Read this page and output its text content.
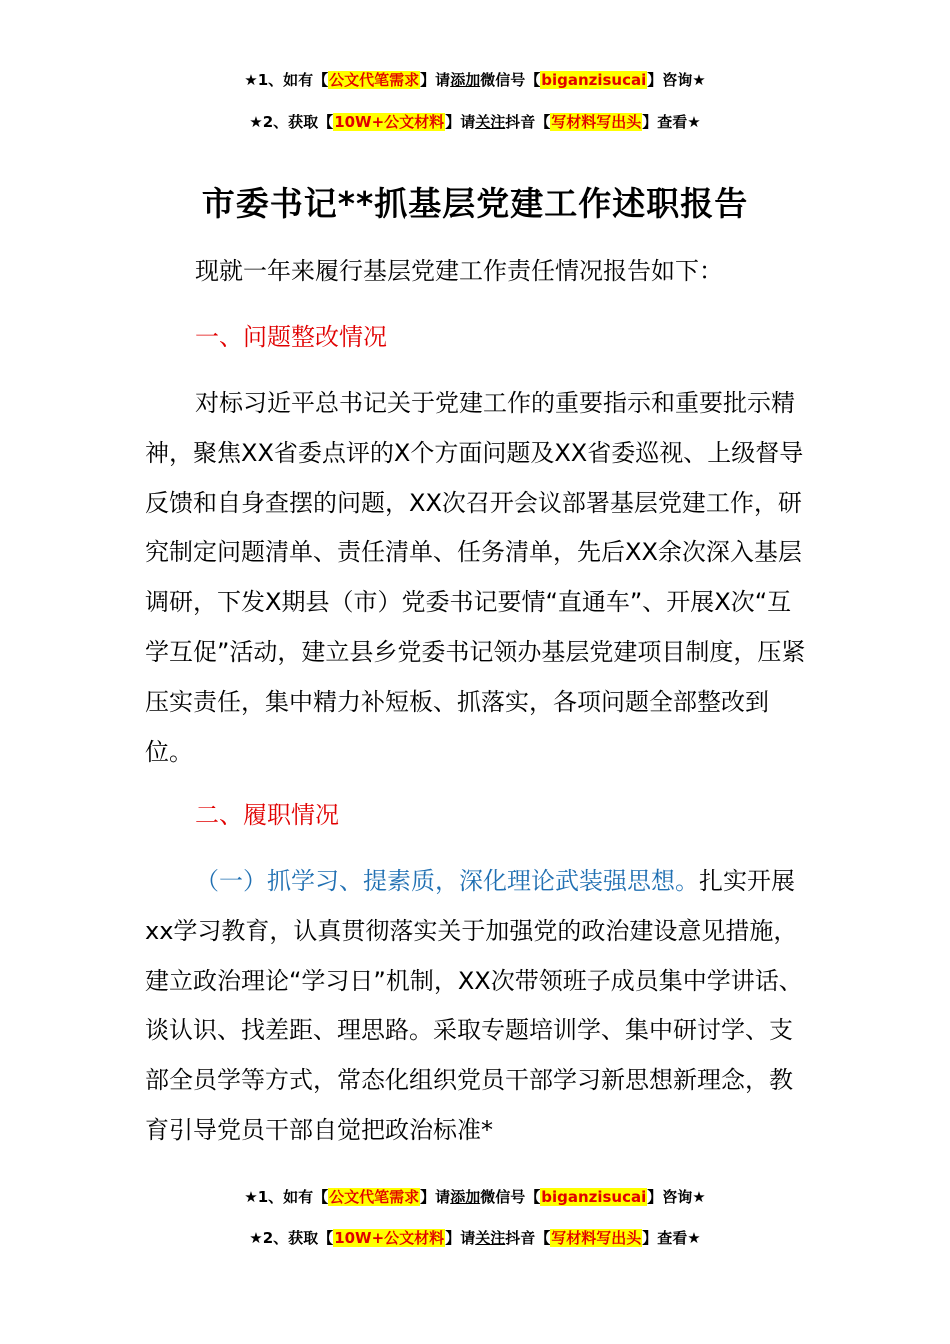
★1、如有【公文代笔需求】请添加微信号【biganzisucai】咨询★
★2、获取【10W+公文材料】请关注抖音【写材料写出头】查看★
市委书记**抓基层党建工作述职报告

现就一年来履行基层党建工作责任情况报告如下：

一、问题整改情况

对标习近平总书记关于党建工作的重要指示和重要批示精神，聚焦XX省委点评的X个方面问题及XX省委巡视、上级督导反馈和自身查摆的问题，XX次召开会议部署基层党建工作，研究制定问题清单、责任清单、任务清单，先后XX余次深入基层调研，下发X期县（市）党委书记要情“直通车”、开展X次“互学互促”活动，建立县乡党委书记领办基层党建项目制度，压紧压实责任，集中精力补短板、抓落实，各项问题全部整改到位。

二、履职情况

（一）抓学习、提素质，深化理论武装强思想。扎实开展xx学习教育，认真贯彻落实关于加强党的政治建设意见措施，建立政治理论“学习日”机制，XX次带领班子成员集中学讲话、谈认识、找差距、理思路。采取专题培训学、集中研讨学、支部全员学等方式，常态化组织党员干部学习新思想新理念，教育引导党员干部自觉把政治标准*

★1、如有【公文代笔需求】请添加微信号【biganzisucai】咨询★
★2、获取【10W+公文材料】请关注抖音【写材料写出头】查看★
